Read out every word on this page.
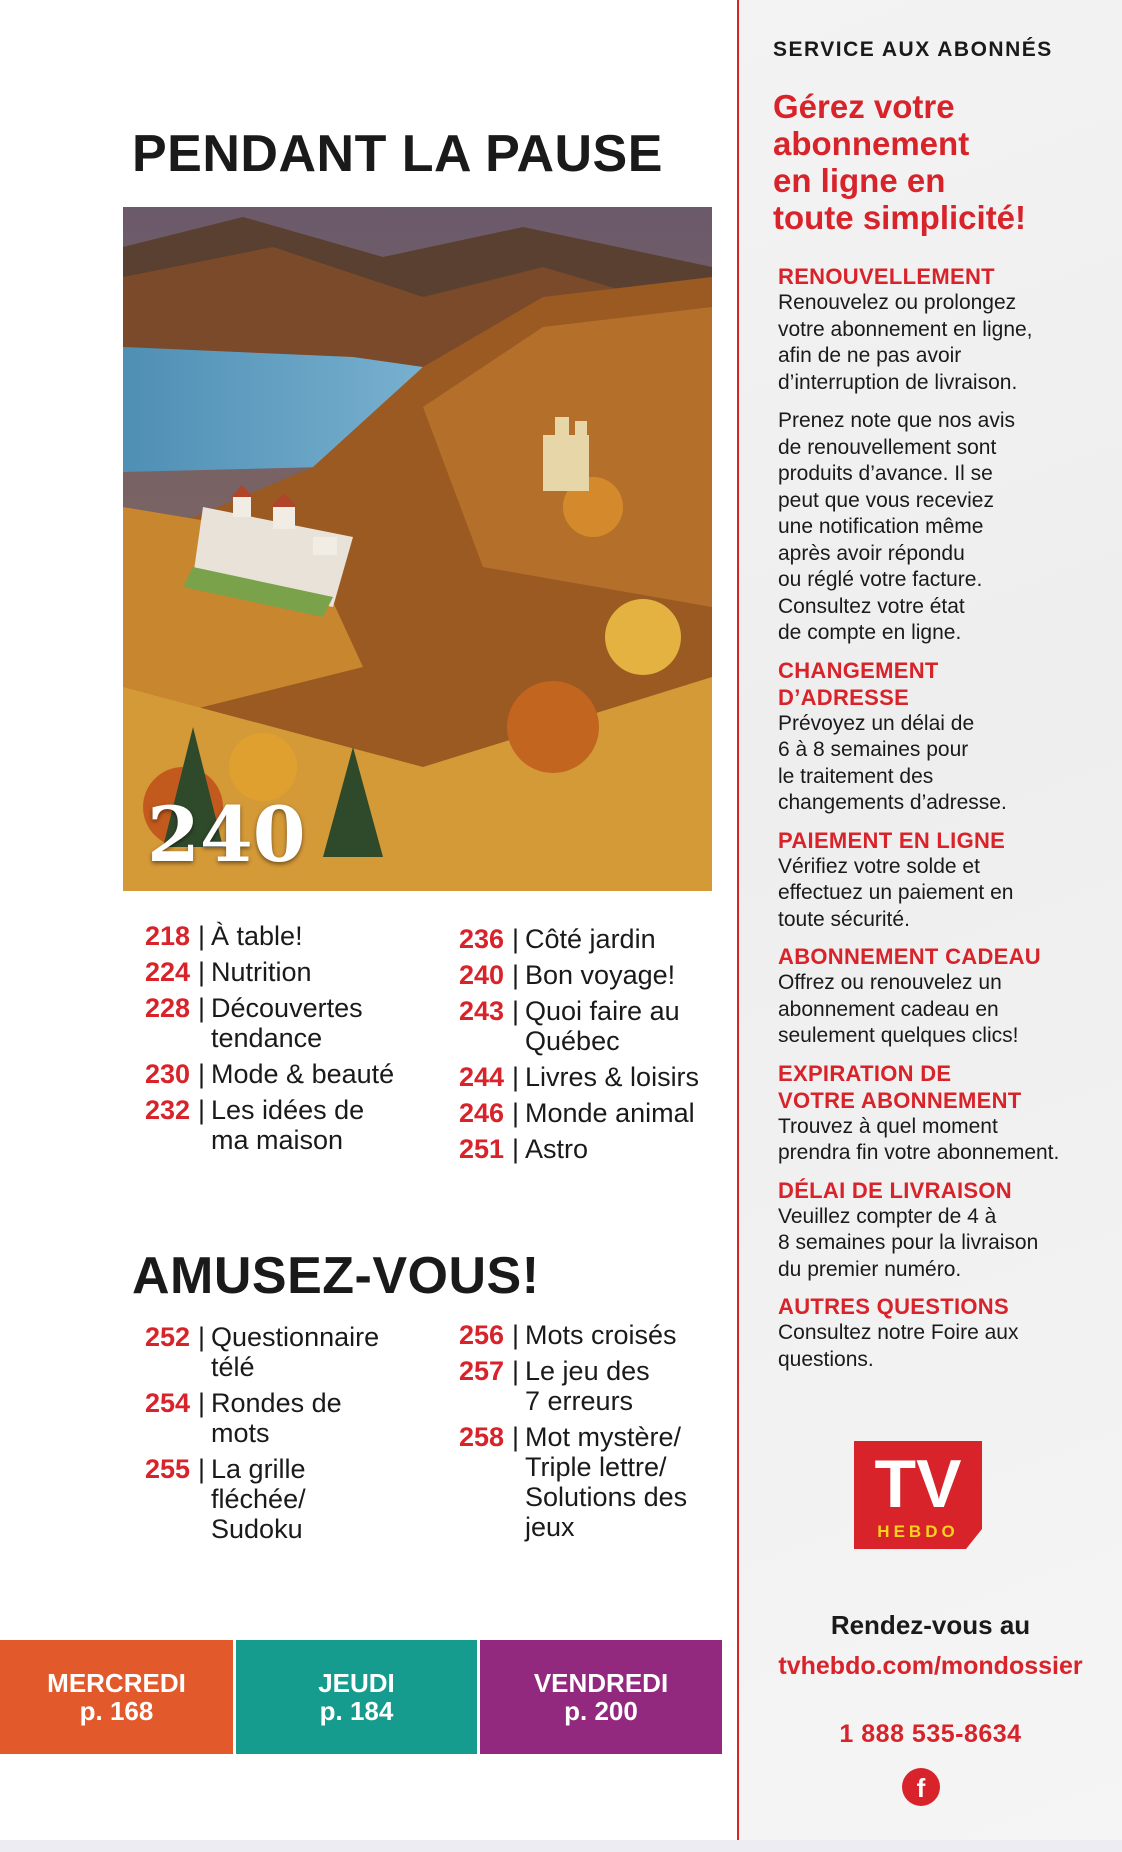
PENDANT LA PAUSE
240
218 | À table!
224 | Nutrition
228 | Découvertes
tendance
230 | Mode & beauté
232 | Les idées de
ma maison
236 | Côté jardin
240 | Bon voyage!
243 | Quoi faire au
Québec
244 | Livres & loisirs
246 | Monde animal
251 | Astro
AMUSEZ-VOUS!
252 | Questionnaire
télé
254 | Rondes de
mots
255 | La grille
fléchée/
Sudoku
256 | Mots croisés
257 | Le jeu des
7 erreurs
258 | Mot mystère/
Triple lettre/
Solutions des
jeux
MERCREDI
p. 168
JEUDI
p. 184
VENDREDI
p. 200
SERVICE AUX ABONNÉS
Gérez votre
abonnement
en ligne en
toute simplicité!
RENOUVELLEMENT

Renouvelez ou prolongez
votre abonnement en ligne,
afin de ne pas avoir
d’interruption de livraison.

Prenez note que nos avis
de renouvellement sont
produits d’avance. Il se
peut que vous receviez
une notification même
après avoir répondu
ou réglé votre facture.
Consultez votre état
de compte en ligne.

CHANGEMENT
D’ADRESSE

Prévoyez un délai de
6 à 8 semaines pour
le traitement des
changements d’adresse.

PAIEMENT EN LIGNE

Vérifiez votre solde et
effectuez un paiement en
toute sécurité.

ABONNEMENT CADEAU

Offrez ou renouvelez un
abonnement cadeau en
seulement quelques clics!

EXPIRATION DE
VOTRE ABONNEMENT

Trouvez à quel moment
prendra fin votre abonnement.

DÉLAI DE LIVRAISON

Veuillez compter de 4 à
8 semaines pour la livraison
du premier numéro.

AUTRES QUESTIONS

Consultez notre Foire aux
questions.

TV
HEBDO
Rendez-vous au
tvhebdo.com/mondossier
1 888 535-8634
f
